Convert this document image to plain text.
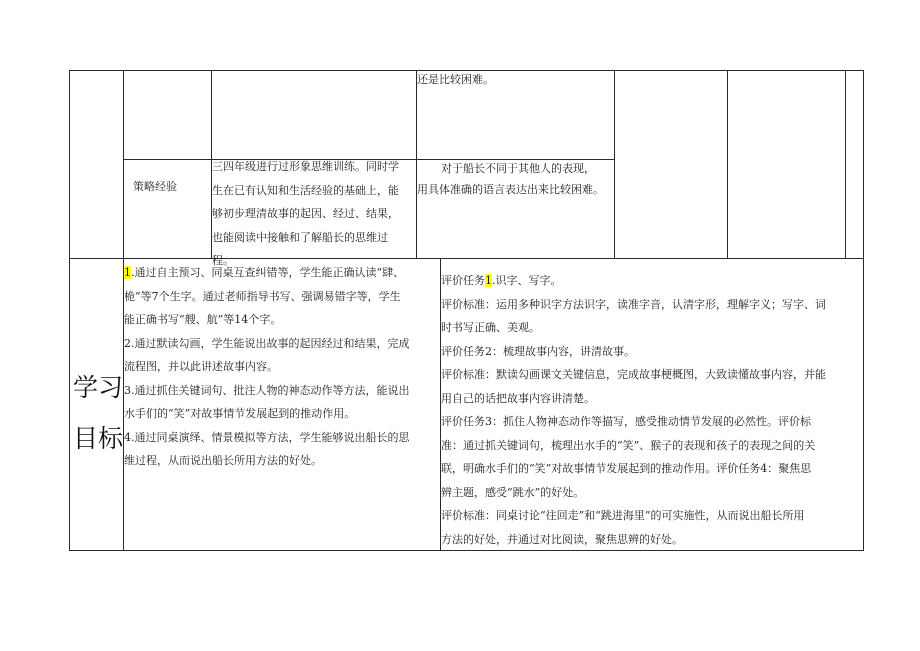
还是比较困难。
策略经验
三四年级进行过形象思维训练。同时学
生在已有认知和生活经验的基础上，能
够初步理清故事的起因、经过、结果，
也能阅读中接触和了解船长的思维过
程。
对于船长不同于其他人的表现，
用具体准确的语言表达出来比较困难。
学习
目标
1.通过自主预习、同桌互查纠错等，学生能正确认读“肆、
桅”等7个生字。通过老师指导书写、强调易错字等，学生
能正确书写“艘、航”等14个字。
2.通过默读勾画，学生能说出故事的起因经过和结果，完成
流程图，并以此讲述故事内容。
3.通过抓住关键词句、批注人物的神态动作等方法，能说出
水手们的“笑”对故事情节发展起到的推动作用。
4.通过同桌演绎、情景模拟等方法，学生能够说出船长的思
维过程，从而说出船长所用方法的好处。
评价任务1.识字、写字。
评价标准：运用多种识字方法识字，读准字音，认清字形，理解字义；写字、词
时书写正确、美观。
评价任务2：梳理故事内容，讲清故事。
评价标准：默读勾画课文关键信息，完成故事梗概图，大致读懂故事内容，并能
用自己的话把故事内容讲清楚。
评价任务3：抓住人物神态动作等描写，感受推动情节发展的必然性。评价标
准：通过抓关键词句，梳理出水手的“笑”、猴子的表现和孩子的表现之间的关
联，明确水手们的“笑”对故事情节发展起到的推动作用。评价任务4：聚焦思
辨主题，感受“跳水”的好处。
评价标准：同桌讨论“往回走”和“跳进海里”的可实施性，从而说出船长所用
方法的好处，并通过对比阅读，聚焦思辨的好处。
